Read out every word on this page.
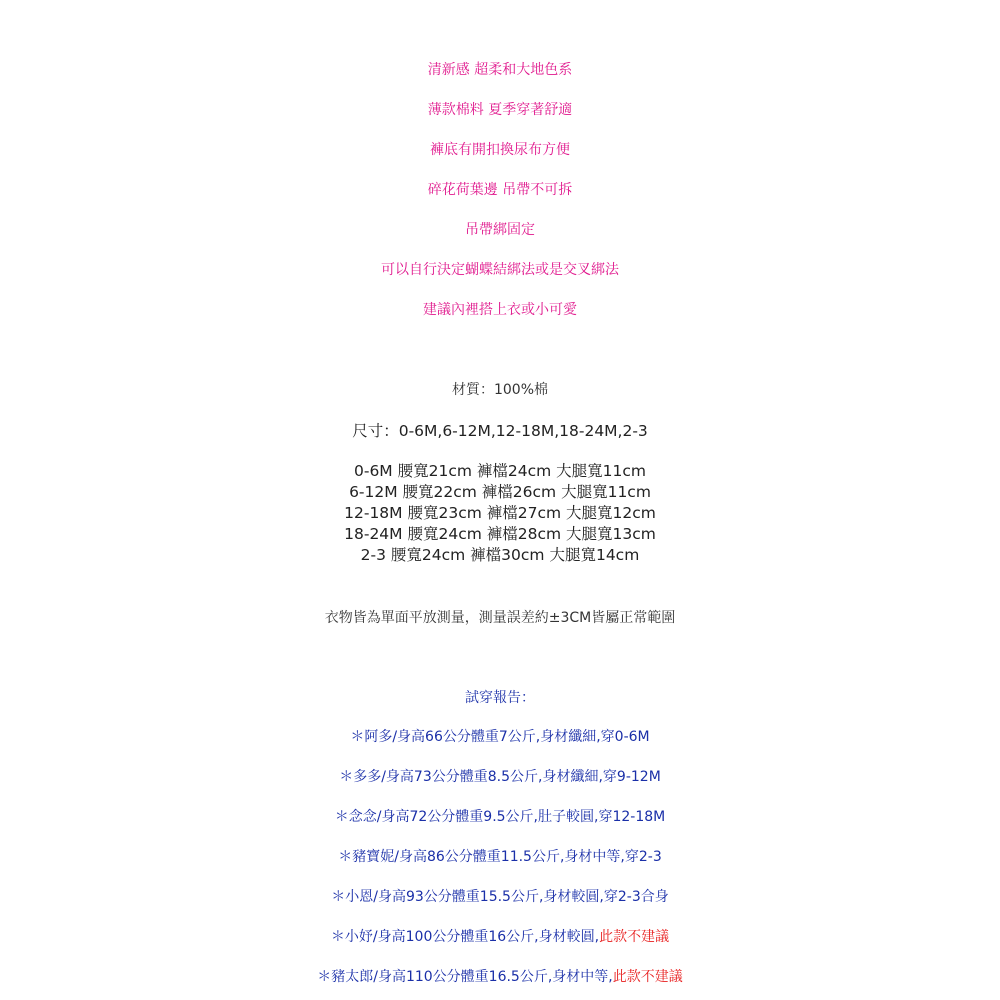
清新感 超柔和大地色系
薄款棉料 夏季穿著舒適
褲底有開扣換尿布方便
碎花荷葉邊 吊帶不可拆
吊帶綁固定
可以自行決定蝴蝶結綁法或是交叉綁法
建議內裡搭上衣或小可愛
材質：100%棉
尺寸：0-6M,6-12M,12-18M,18-24M,2-3
0-6M 腰寬21cm 褲檔24cm 大腿寬11cm
6-12M 腰寬22cm 褲檔26cm 大腿寬11cm
12-18M 腰寬23cm 褲檔27cm 大腿寬12cm
18-24M 腰寬24cm 褲檔28cm 大腿寬13cm
2-3 腰寬24cm 褲檔30cm 大腿寬14cm
衣物皆為單面平放測量，測量誤差約±3CM皆屬正常範圍
試穿報告：
＊阿多/身高66公分體重7公斤,身材纖細,穿0-6M
＊多多/身高73公分體重8.5公斤,身材纖細,穿9-12M
＊念念/身高72公分體重9.5公斤,肚子較圓,穿12-18M
＊豬寶妮/身高86公分體重11.5公斤,身材中等,穿2-3
＊小恩/身高93公分體重15.5公斤,身材較圓,穿2-3合身
＊小妤/身高100公分體重16公斤,身材較圓,此款不建議
＊豬太郎/身高110公分體重16.5公斤,身材中等,此款不建議
